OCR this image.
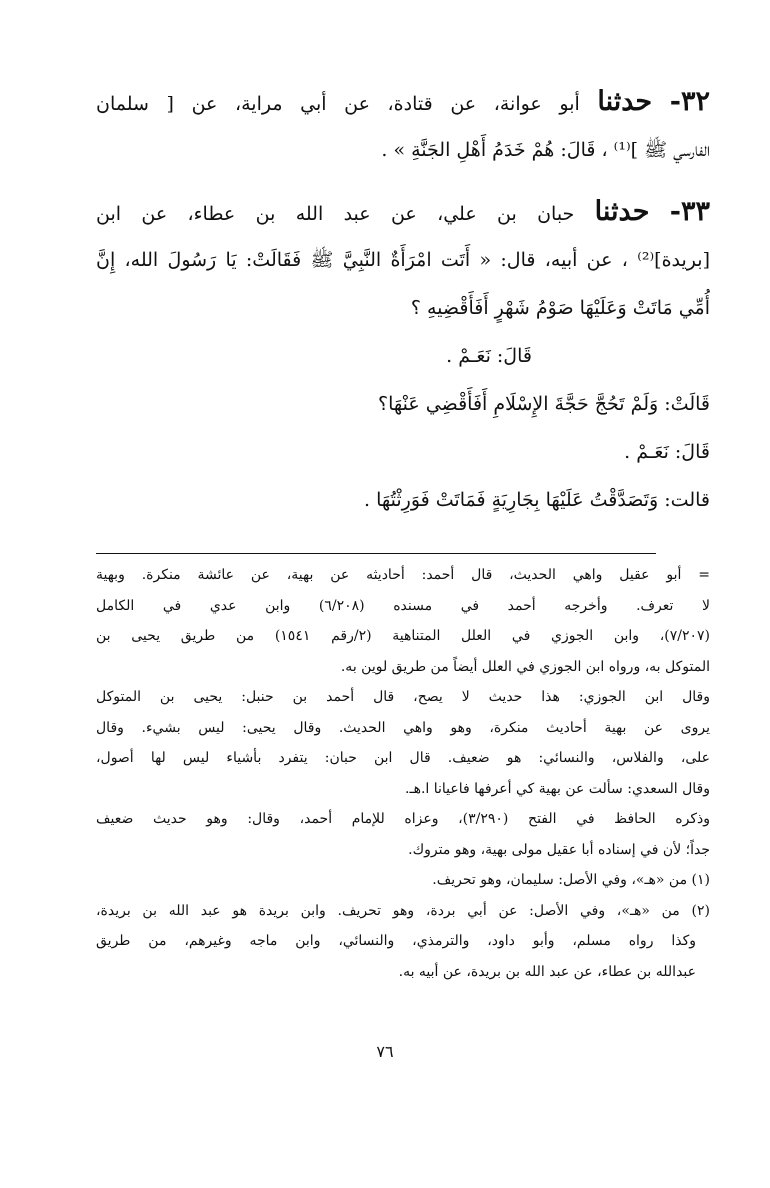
٣٢- حدثنا أبو عوانة، عن قتادة، عن أبي مراية، عن [ سلمان
الفارسي ﷺ ]⁽¹⁾ ، قَالَ: هُمْ خَدَمُ أَهْلِ الجَنَّةِ » .
٣٣- حدثنا حبان بن علي، عن عبد الله بن عطاء، عن ابن
[بريدة]⁽²⁾ ، عن أبيه، قال: « أَتَت امْرَأَةٌ النَّبِيَّ ﷺ فَقَالَتْ: يَا رَسُولَ الله، إِنَّ
أُمِّي مَاتَتْ وَعَلَيْهَا صَوْمُ شَهْرٍ أَفَأَقْضِيهِ ؟
قَالَ: نَعَـمْ .
قَالَتْ: وَلَمْ تَحُجَّ حَجَّةَ الإِسْلَامِ أَفَأَقْضِي عَنْهَا؟
قَالَ: نَعَـمْ .
قالت: وَتَصَدَّقْتُ عَلَيْهَا بِجَارِيَةٍ فَمَاتَتْ فَوَرِثْتُهَا .
= أبو عقيل واهي الحديث، قال أحمد: أحاديثه عن بهية، عن عائشة منكرة. وبهية
لا تعرف. وأخرجه أحمد في مسنده (٦/٢٠٨) وابن عدي في الكامل
(٧/٢٠٧)، وابن الجوزي في العلل المتناهية (٢/رقم ١٥٤١) من طريق يحيى بن
المتوكل به، ورواه ابن الجوزي في العلل أيضاً من طريق لوين به.
وقال ابن الجوزي: هذا حديث لا يصح، قال أحمد بن حنبل: يحيى بن المتوكل
يروى عن بهية أحاديث منكرة، وهو واهي الحديث. وقال يحيى: ليس بشيء. وقال
على، والفلاس، والنسائي: هو ضعيف. قال ابن حبان: يتفرد بأشياء ليس لها أصول،
وقال السعدي: سألت عن بهية كي أعرفها فاعيانا ا.هـ.
وذكره الحافظ في الفتح (٣/٢٩٠)، وعزاه للإمام أحمد، وقال: وهو حديث ضعيف
جداً؛ لأن في إسناده أبا عقيل مولى بهية، وهو متروك.
(١) من «هـ»، وفي الأصل: سليمان، وهو تحريف.
(٢) من «هـ»، وفي الأصل: عن أبي بردة، وهو تحريف. وابن بريدة هو عبد الله بن بريدة،
وكذا رواه مسلم، وأبو داود، والترمذي، والنسائي، وابن ماجه وغيرهم، من طريق
عبدالله بن عطاء، عن عبد الله بن بريدة، عن أبيه به.
٧٦
